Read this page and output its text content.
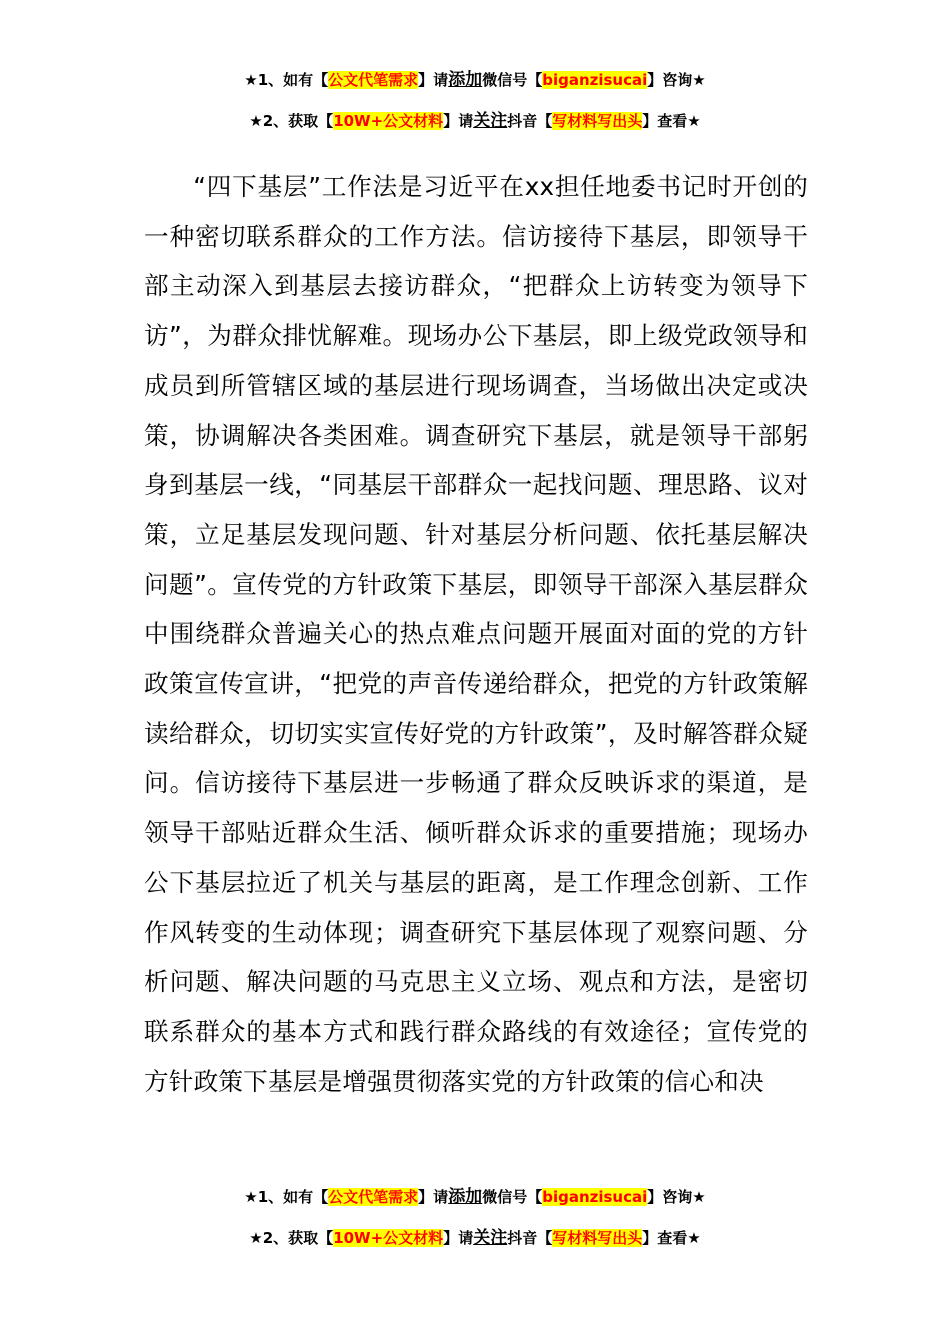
★1、如有【公文代笔需求】请添加微信号【biganzisucai】咨询★
★2、获取【10W+公文材料】请关注抖音【写材料写出头】查看★

“四下基层”工作法是习近平在xx担任地委书记时开创的一种密切联系群众的工作方法。信访接待下基层，即领导干部主动深入到基层去接访群众，“把群众上访转变为领导下访”，为群众排忧解难。现场办公下基层，即上级党政领导和成员到所管辖区域的基层进行现场调查，当场做出决定或决策，协调解决各类困难。调查研究下基层，就是领导干部躬身到基层一线，“同基层干部群众一起找问题、理思路、议对策，立足基层发现问题、针对基层分析问题、依托基层解决问题”。宣传党的方针政策下基层，即领导干部深入基层群众中围绕群众普遍关心的热点难点问题开展面对面的党的方针政策宣传宣讲，“把党的声音传递给群众，把党的方针政策解读给群众，切切实实宣传好党的方针政策”，及时解答群众疑问。信访接待下基层进一步畅通了群众反映诉求的渠道，是领导干部贴近群众生活、倾听群众诉求的重要措施；现场办公下基层拉近了机关与基层的距离，是工作理念创新、工作作风转变的生动体现；调查研究下基层体现了观察问题、分析问题、解决问题的马克思主义立场、观点和方法，是密切联系群众的基本方式和践行群众路线的有效途径；宣传党的方针政策下基层是增强贯彻落实党的方针政策的信心和决

★1、如有【公文代笔需求】请添加微信号【biganzisucai】咨询★
★2、获取【10W+公文材料】请关注抖音【写材料写出头】查看★
